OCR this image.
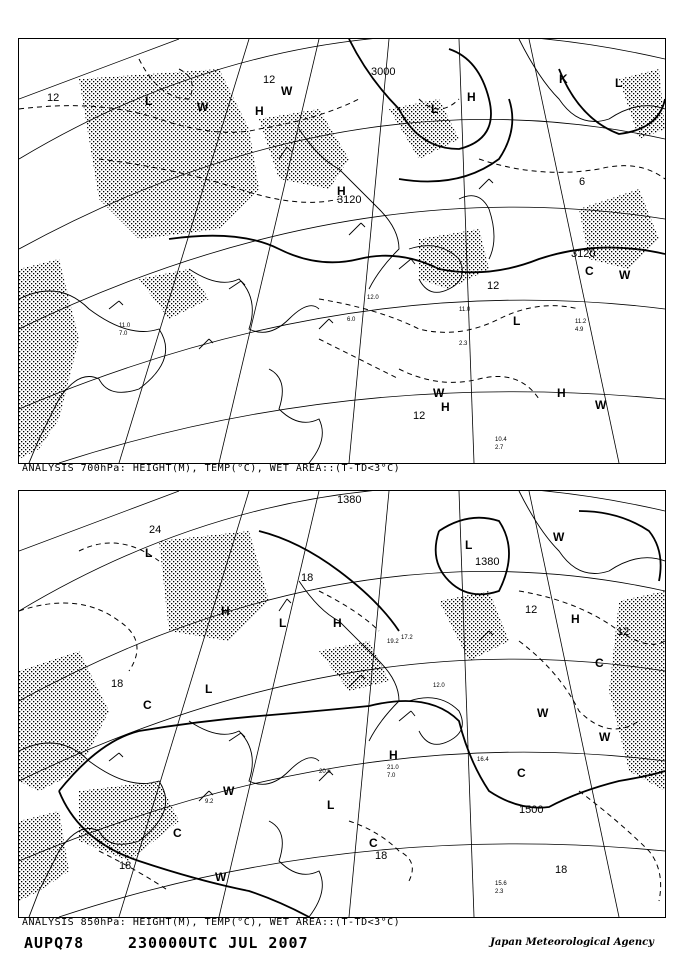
3000
3120
3120
12
12
6
12
12
L
L
L
L
H
H
H
H
H
W
W
W
W
W
K
C
11.2
4.9
10.4
2.7
11.0
7.0
11.0
2.3
12.0
6.0
ANALYSIS 700hPa: HEIGHT(M), TEMP(°C), WET AREA::(T-TD<3°C)
1380
1380
1500
24
18
18
12
12
18
18
18
L
L
L
L
L
H
H
H
H
C
C
C
C
C
W
W
W
W
W
19.2
17.2
21.0
7.0
12.0
15.6
2.3
20.6
16.4
9.2
ANALYSIS 850hPa: HEIGHT(M), TEMP(°C), WET AREA::(T-TD<3°C)
AUPQ78	230000UTC JUL 2007	Japan Meteorological Agency
